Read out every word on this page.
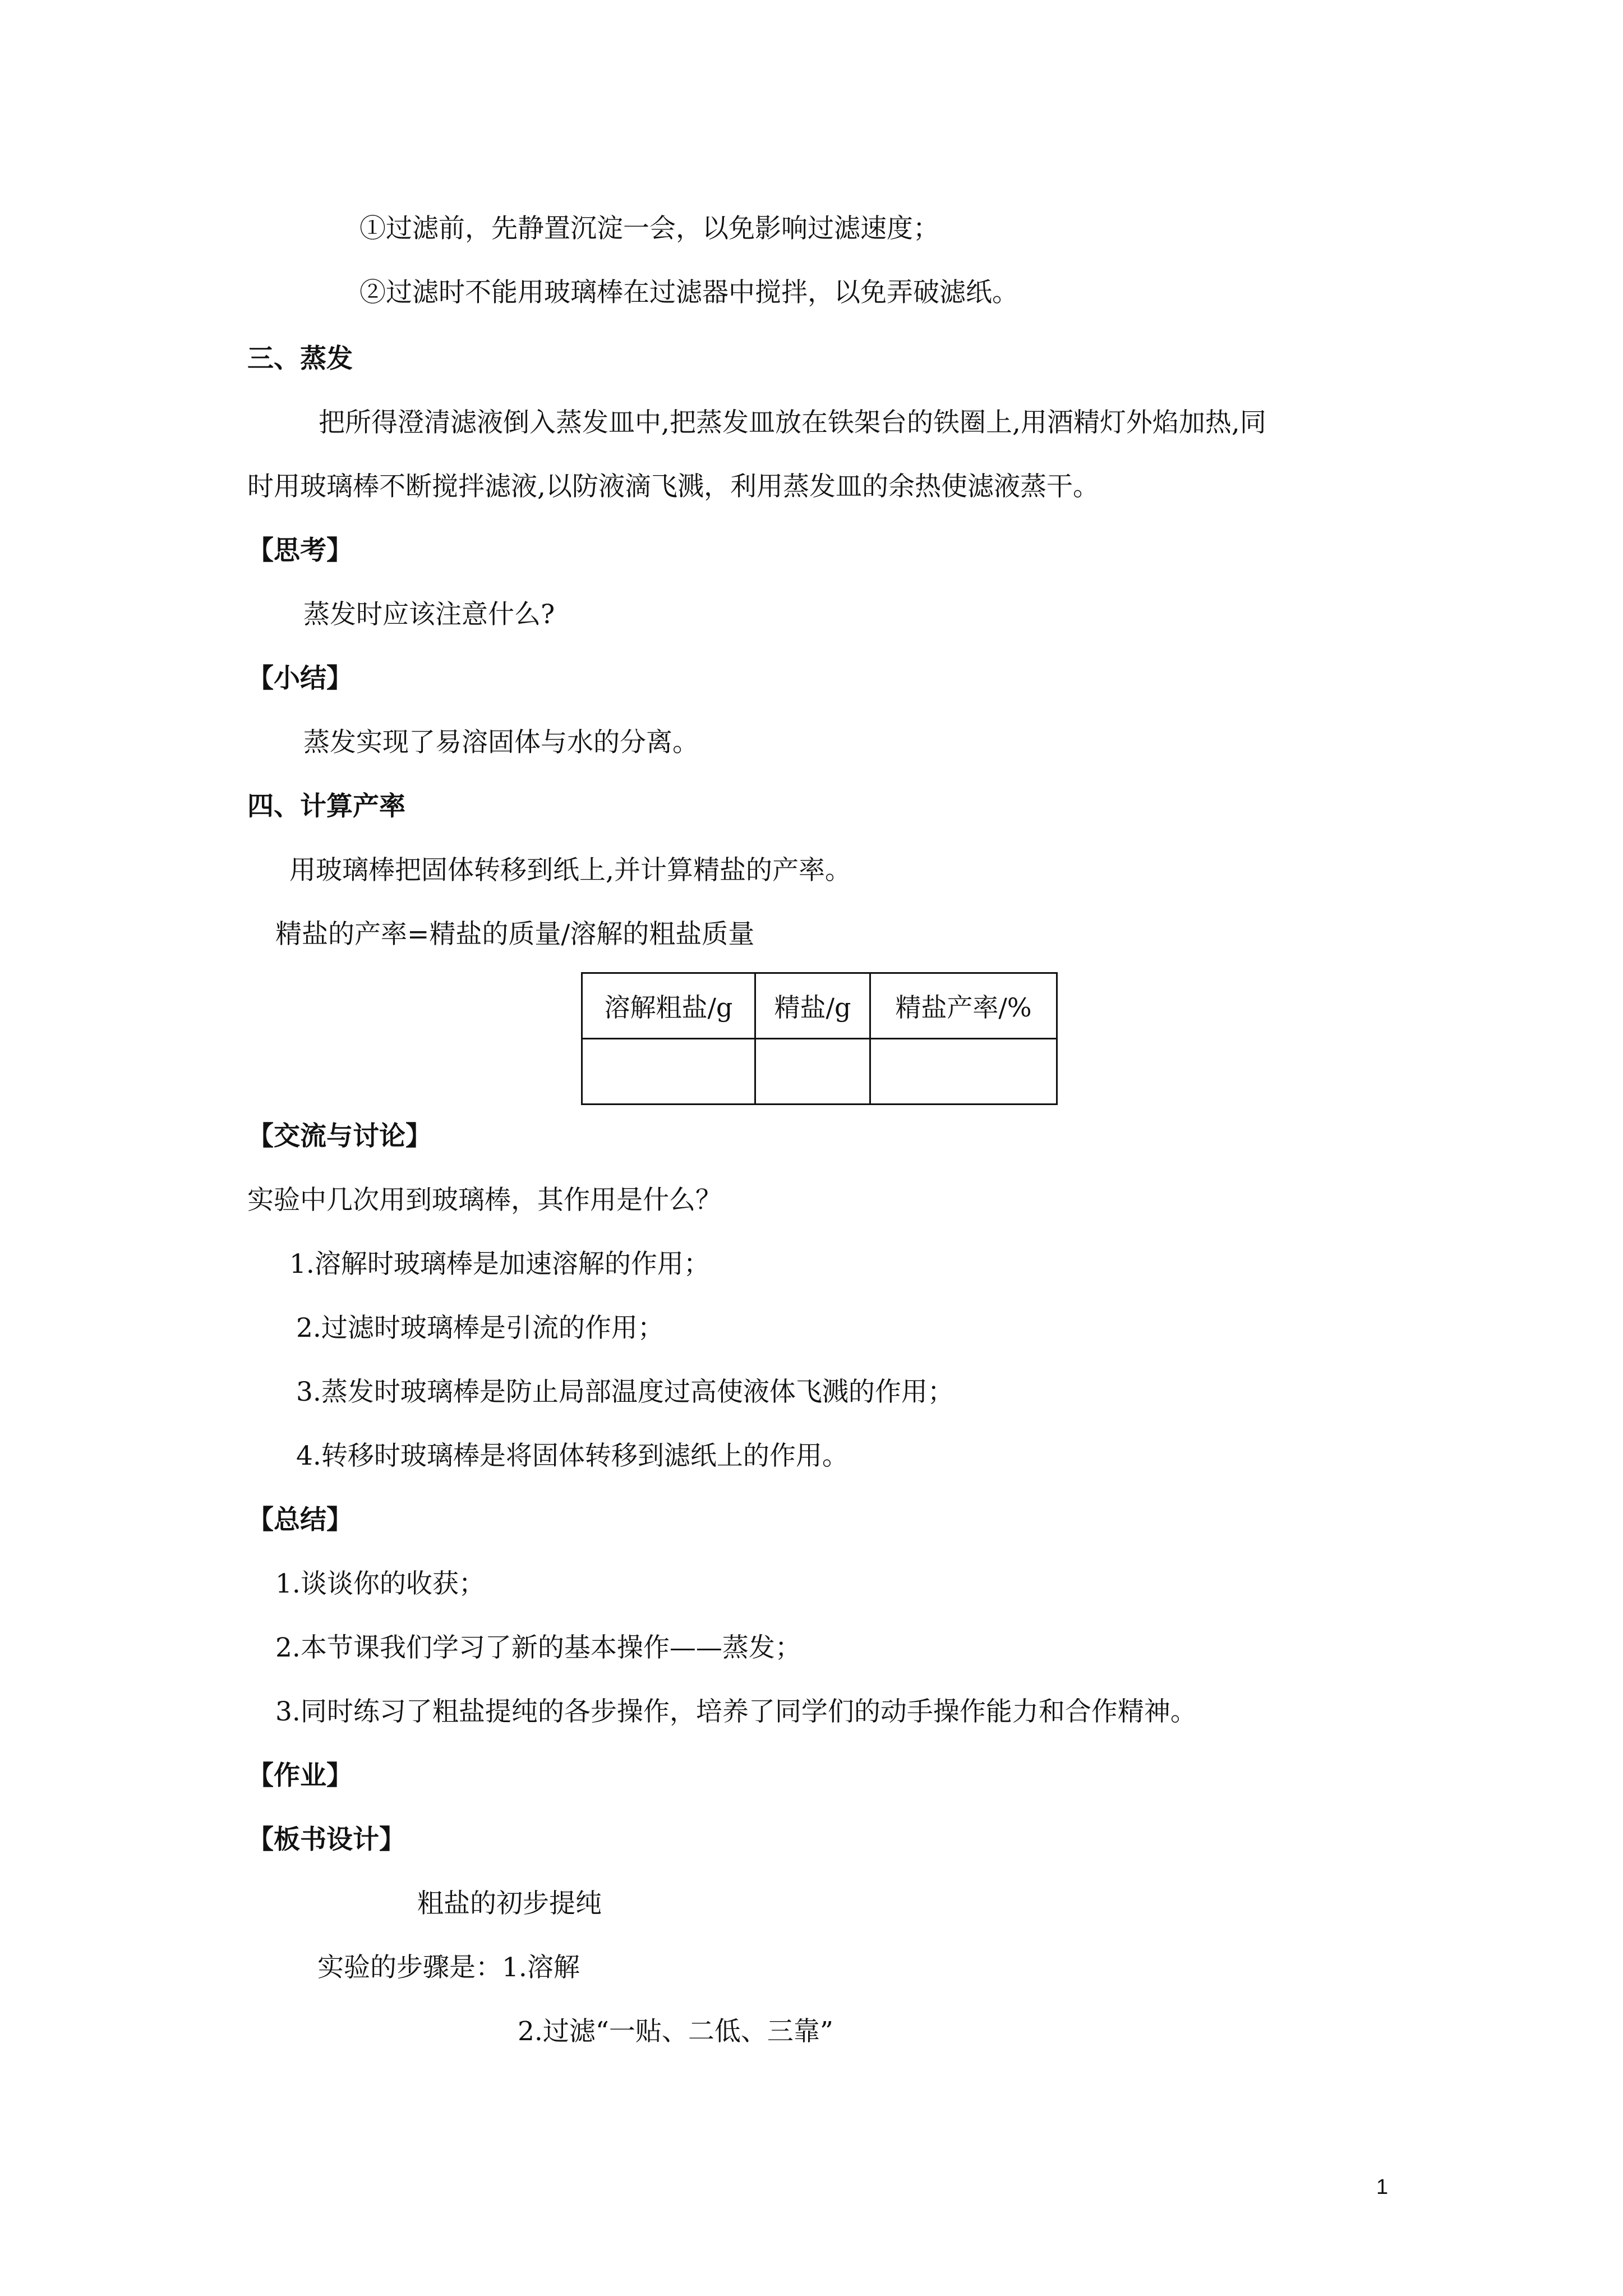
①过滤前，先静置沉淀一会，以免影响过滤速度；
②过滤时不能用玻璃棒在过滤器中搅拌，以免弄破滤纸。
三、蒸发
把所得澄清滤液倒入蒸发皿中,把蒸发皿放在铁架台的铁圈上,用酒精灯外焰加热,同
时用玻璃棒不断搅拌滤液,以防液滴飞溅，利用蒸发皿的余热使滤液蒸干。
【思考】
蒸发时应该注意什么?
【小结】
蒸发实现了易溶固体与水的分离。
四、计算产率
用玻璃棒把固体转移到纸上,并计算精盐的产率。
精盐的产率=精盐的质量/溶解的粗盐质量
溶解粗盐/g	精盐/g	精盐产率/%

【交流与讨论】
实验中几次用到玻璃棒，其作用是什么？
1.溶解时玻璃棒是加速溶解的作用；
2.过滤时玻璃棒是引流的作用；
3.蒸发时玻璃棒是防止局部温度过高使液体飞溅的作用；
4.转移时玻璃棒是将固体转移到滤纸上的作用。
【总结】
1.谈谈你的收获；
2.本节课我们学习了新的基本操作——蒸发；
3.同时练习了粗盐提纯的各步操作，培养了同学们的动手操作能力和合作精神。
【作业】
【板书设计】
粗盐的初步提纯
实验的步骤是：1.溶解
2.过滤“一贴、二低、三靠”
1
